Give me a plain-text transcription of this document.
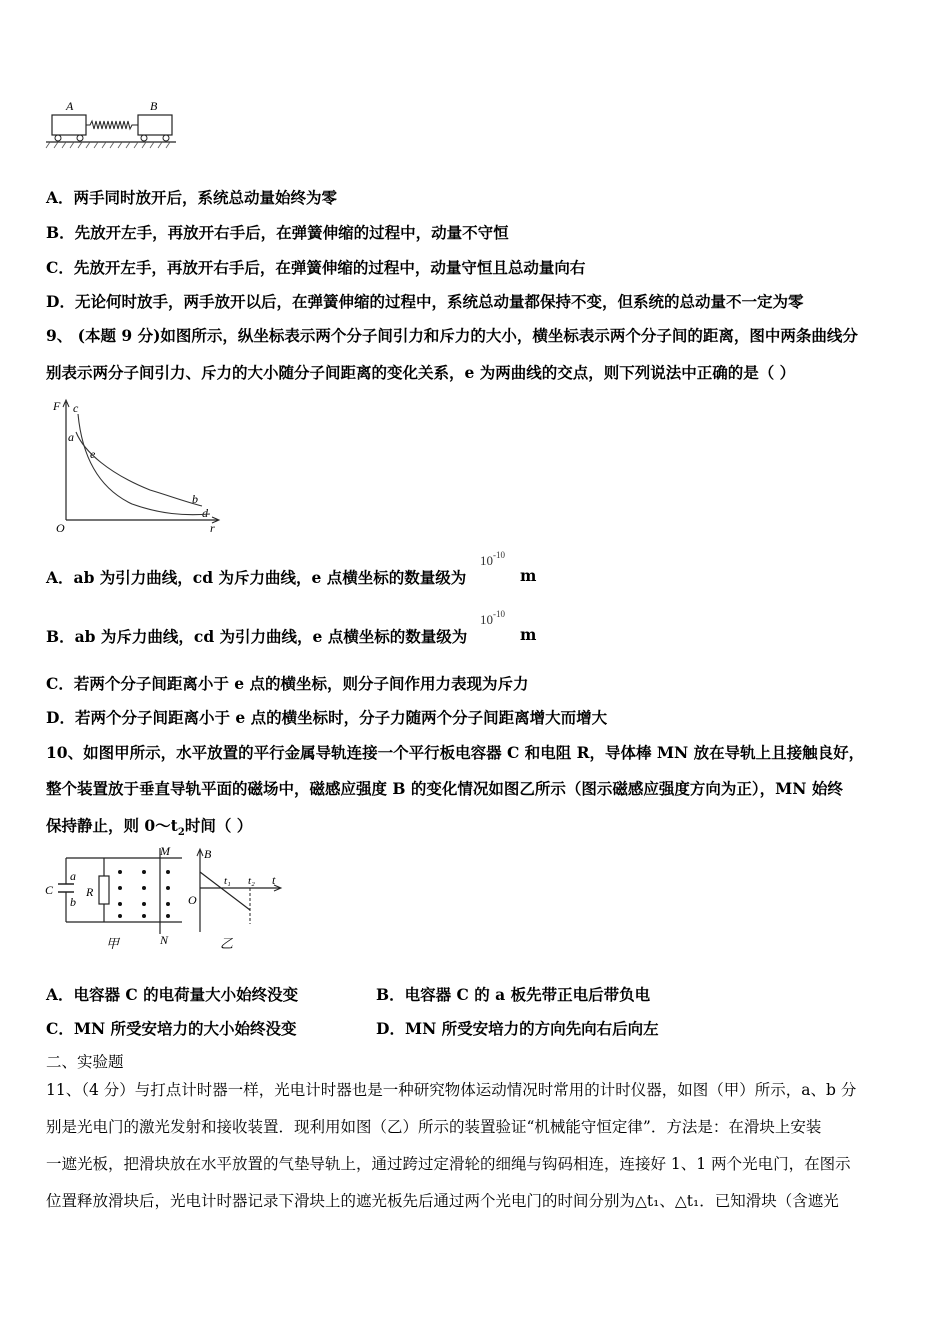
A	B
A．两手同时放开后，系统总动量始终为零
B．先放开左手，再放开右手后，在弹簧伸缩的过程中，动量不守恒
C．先放开左手，再放开右手后，在弹簧伸缩的过程中，动量守恒且总动量向右
D．无论何时放手，两手放开以后，在弹簧伸缩的过程中，系统总动量都保持不变，但系统的总动量不一定为零
9、 (本题 9 分)如图所示，纵坐标表示两个分子间引力和斥力的大小，横坐标表示两个分子间的距离，图中两条曲线分
别表示两分子间引力、斥力的大小随分子间距离的变化关系，e 为两曲线的交点，则下列说法中正确的是（ ）
F c
a
e
b
d
O	r
A．ab 为引力曲线，cd 为斥力曲线，e 点横坐标的数量级为
$10^{-10}$
m
B．ab 为斥力曲线，cd 为引力曲线，e 点横坐标的数量级为
$10^{-10}$
m
C．若两个分子间距离小于 e 点的横坐标，则分子间作用力表现为斥力
D．若两个分子间距离小于 e 点的横坐标时，分子力随两个分子间距离增大而增大
10、如图甲所示，水平放置的平行金属导轨连接一个平行板电容器 C 和电阻 R，导体棒 MN 放在导轨上且接触良好，
整个装置放于垂直导轨平面的磁场中，磁感应强度 B 的变化情况如图乙所示（图示磁感应强度方向为正），MN 始终
保持静止，则 $0\sim t_2$时间（ ）
C
a
b
R
M
N
甲
B
O
t₁ t₂ t
乙
A．电容器 C 的电荷量大小始终没变	B．电容器 C 的 a 板先带正电后带负电
C．MN 所受安培力的大小始终没变	D．MN 所受安培力的方向先向右后向左
二、实验题
11、（4 分）与打点计时器一样，光电计时器也是一种研究物体运动情况时常用的计时仪器，如图（甲）所示，a、b 分
别是光电门的激光发射和接收装置．现利用如图（乙）所示的装置验证“机械能守恒定律”．方法是：在滑块上安装
一遮光板，把滑块放在水平放置的气垫导轨上，通过跨过定滑轮的细绳与钩码相连，连接好 1、1 两个光电门，在图示
位置释放滑块后，光电计时器记录下滑块上的遮光板先后通过两个光电门的时间分别为△t₁、△t₁．已知滑块（含遮光
